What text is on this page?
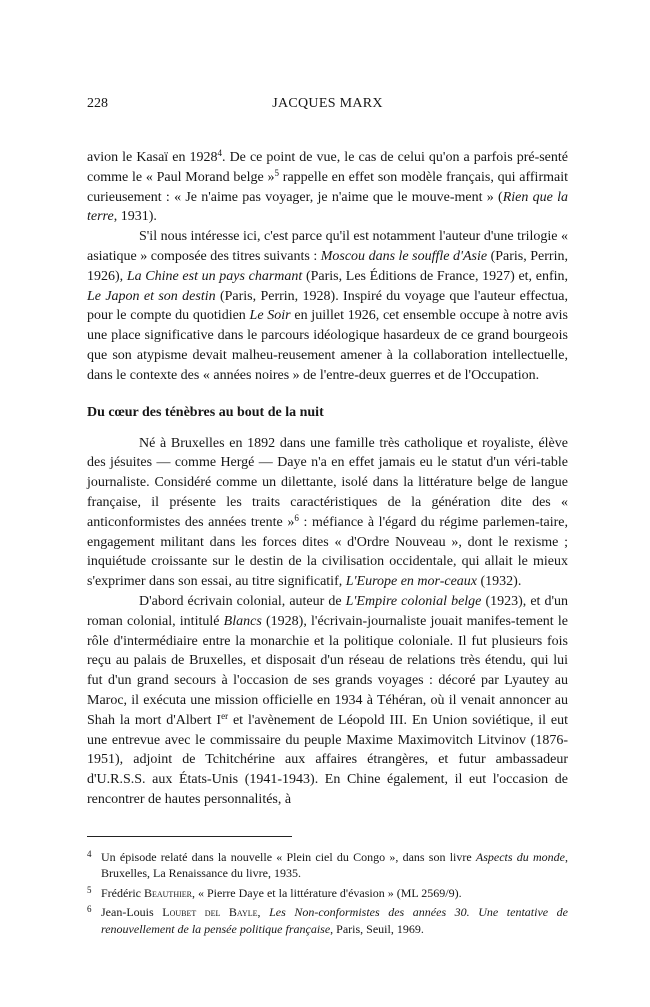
228	JACQUES MARX

avion le Kasaï en 1928$^4$. De ce point de vue, le cas de celui qu'on a parfois pré-senté comme le « Paul Morand belge »$^5$ rappelle en effet son modèle français, qui affirmait curieusement : « Je n'aime pas voyager, je n'aime que le mouve-ment » (Rien que la terre, 1931).

S'il nous intéresse ici, c'est parce qu'il est notamment l'auteur d'une trilogie « asiatique » composée des titres suivants : Moscou dans le souffle d'Asie (Paris, Perrin, 1926), La Chine est un pays charmant (Paris, Les Éditions de France, 1927) et, enfin, Le Japon et son destin (Paris, Perrin, 1928). Inspiré du voyage que l'auteur effectua, pour le compte du quotidien Le Soir en juillet 1926, cet ensemble occupe à notre avis une place significative dans le parcours idéologique hasardeux de ce grand bourgeois que son atypisme devait malheu-reusement amener à la collaboration intellectuelle, dans le contexte des « années noires » de l'entre-deux guerres et de l'Occupation.

Du cœur des ténèbres au bout de la nuit

Né à Bruxelles en 1892 dans une famille très catholique et royaliste, élève des jésuites — comme Hergé — Daye n'a en effet jamais eu le statut d'un véri-table journaliste. Considéré comme un dilettante, isolé dans la littérature belge de langue française, il présente les traits caractéristiques de la génération dite des « anticonformistes des années trente »$^6$ : méfiance à l'égard du régime parlemen-taire, engagement militant dans les forces dites « d'Ordre Nouveau », dont le rexisme ; inquiétude croissante sur le destin de la civilisation occidentale, qui allait le mieux s'exprimer dans son essai, au titre significatif, L'Europe en mor-ceaux (1932).

D'abord écrivain colonial, auteur de L'Empire colonial belge (1923), et d'un roman colonial, intitulé Blancs (1928), l'écrivain-journaliste jouait manifes-tement le rôle d'intermédiaire entre la monarchie et la politique coloniale. Il fut plusieurs fois reçu au palais de Bruxelles, et disposait d'un réseau de relations très étendu, qui lui fut d'un grand secours à l'occasion de ses grands voyages : décoré par Lyautey au Maroc, il exécuta une mission officielle en 1934 à Téhéran, où il venait annoncer au Shah la mort d'Albert Ier et l'avènement de Léopold III. En Union soviétique, il eut une entrevue avec le commissaire du peuple Maxime Maximovitch Litvinov (1876-1951), adjoint de Tchitchérine aux affaires étrangères, et futur ambassadeur d'U.R.S.S. aux États-Unis (1941-1943). En Chine également, il eut l'occasion de rencontrer de hautes personnalités, à

4 Un épisode relaté dans la nouvelle « Plein ciel du Congo », dans son livre Aspects du monde, Bruxelles, La Renaissance du livre, 1935.
5 Frédéric Beauthier, « Pierre Daye et la littérature d'évasion » (ML 2569/9).
6 Jean-Louis Loubet del Bayle, Les Non-conformistes des années 30. Une tentative de renouvellement de la pensée politique française, Paris, Seuil, 1969.
